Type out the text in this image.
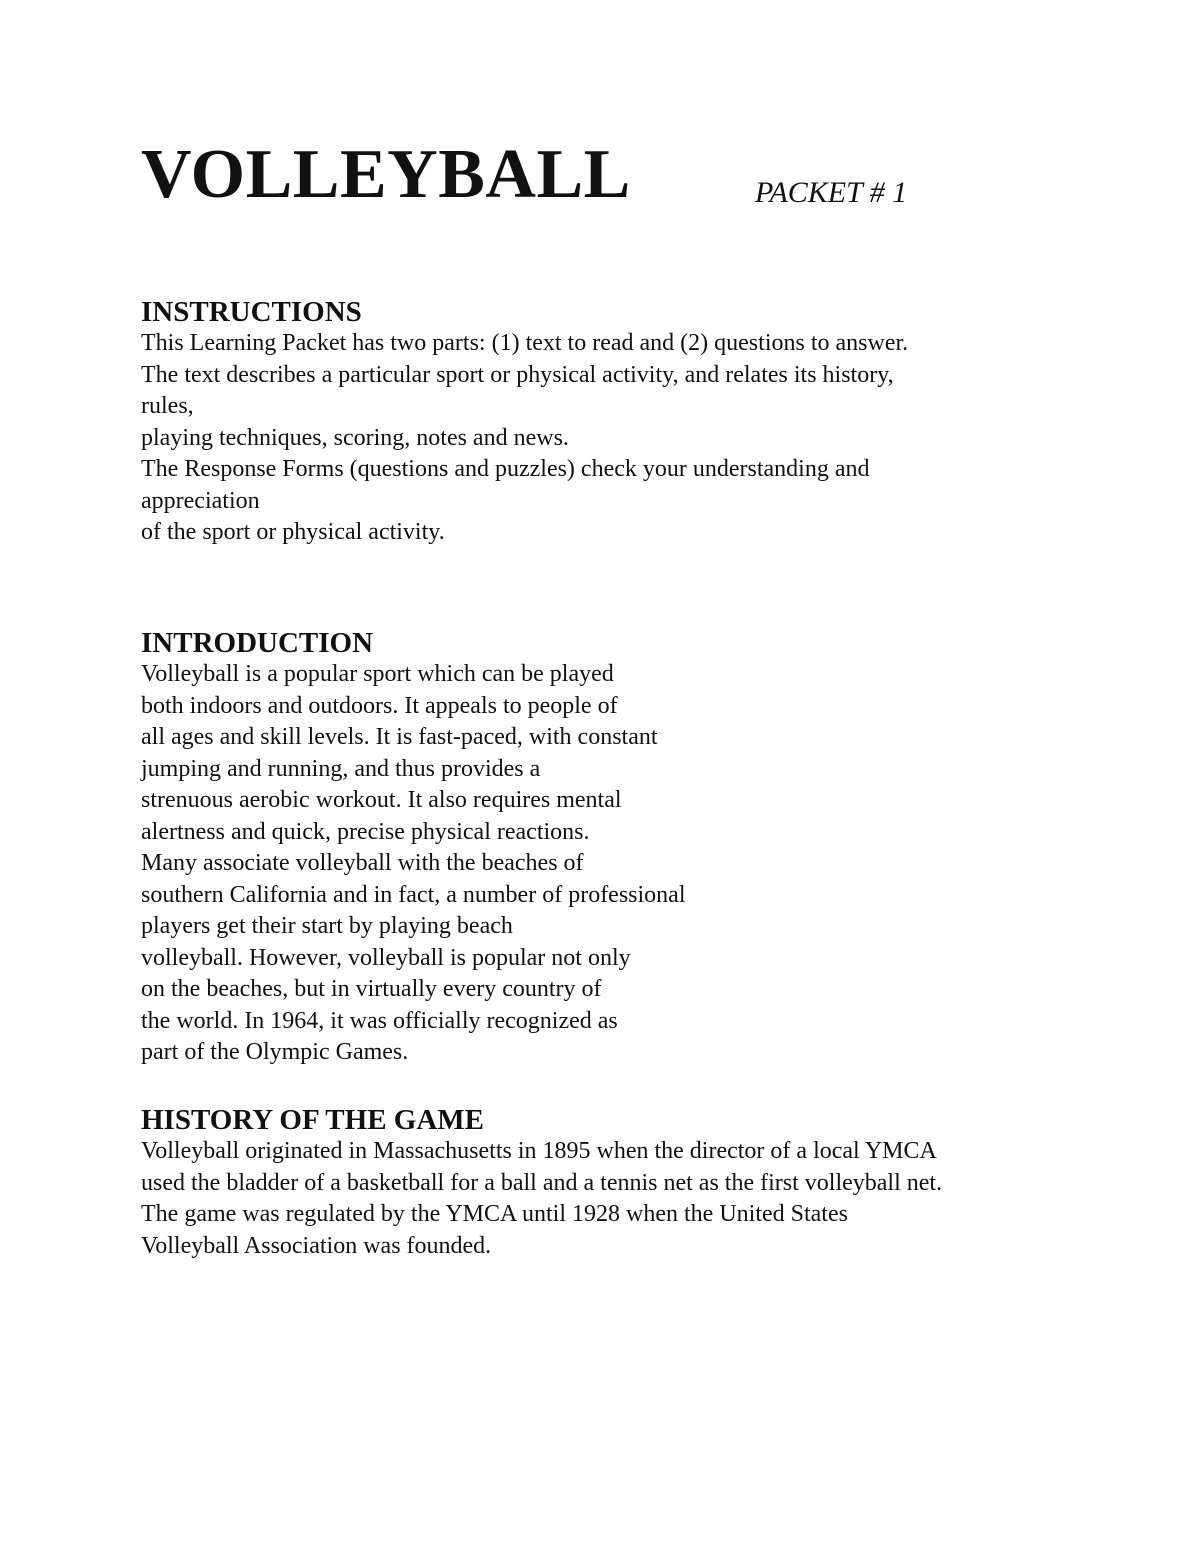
VOLLEYBALL	PACKET # 1
INSTRUCTIONS
This Learning Packet has two parts: (1) text to read and (2) questions to answer.
The text describes a particular sport or physical activity, and relates its history,
rules,
playing techniques, scoring, notes and news.
The Response Forms (questions and puzzles) check your understanding and
appreciation
of the sport or physical activity.
INTRODUCTION
Volleyball is a popular sport which can be played
both indoors and outdoors. It appeals to people of
all ages and skill levels. It is fast-paced, with constant
jumping and running, and thus provides a
strenuous aerobic workout. It also requires mental
alertness and quick, precise physical reactions.
Many associate volleyball with the beaches of
southern California and in fact, a number of professional
players get their start by playing beach
volleyball. However, volleyball is popular not only
on the beaches, but in virtually every country of
the world. In 1964, it was officially recognized as
part of the Olympic Games.
HISTORY OF THE GAME
Volleyball originated in Massachusetts in 1895 when the director of a local YMCA
used the bladder of a basketball for a ball and a tennis net as the first volleyball net.
The game was regulated by the YMCA until 1928 when the United States
Volleyball Association was founded.
